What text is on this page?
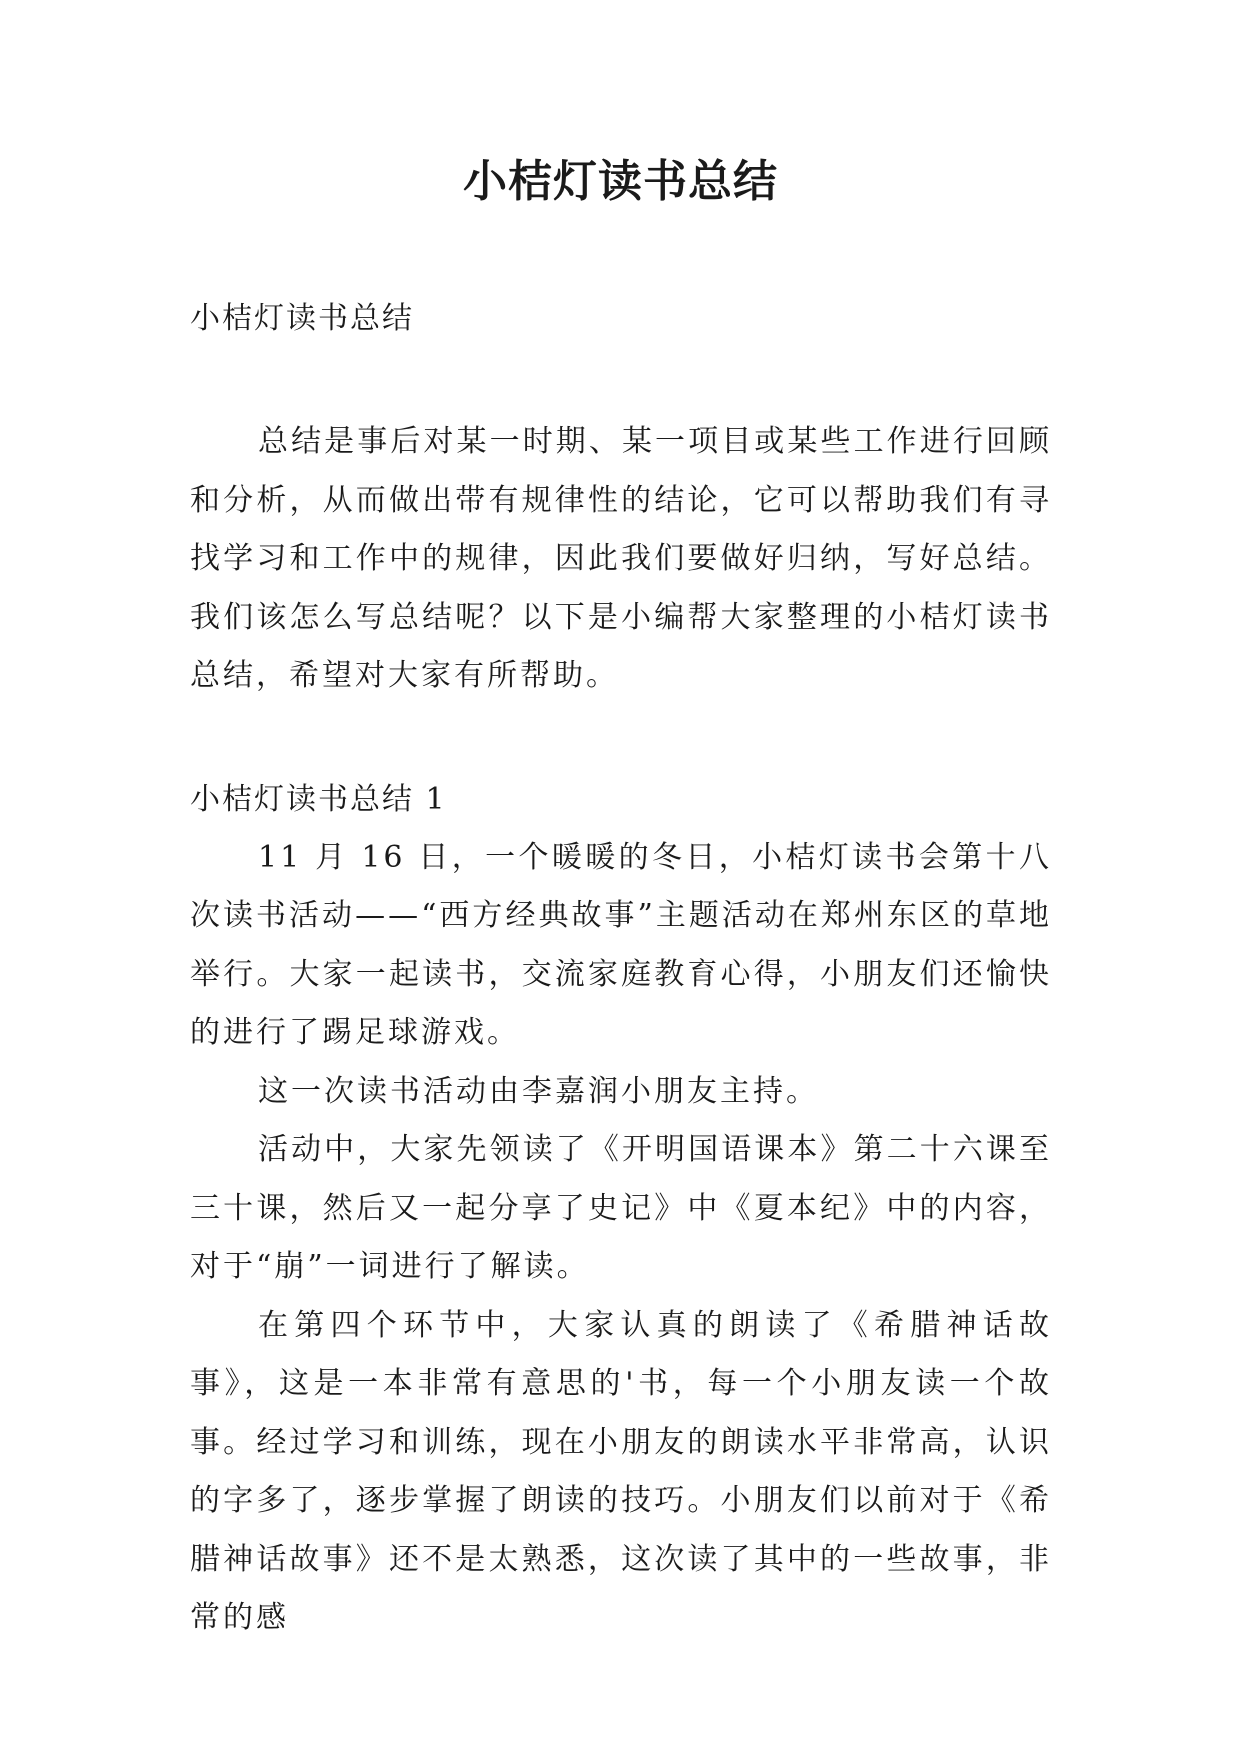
小桔灯读书总结

小桔灯读书总结

总结是事后对某一时期、某一项目或某些工作进行回顾和分析，从而做出带有规律性的结论，它可以帮助我们有寻找学习和工作中的规律，因此我们要做好归纳，写好总结。我们该怎么写总结呢？以下是小编帮大家整理的小桔灯读书总结，希望对大家有所帮助。

小桔灯读书总结 1

11 月 16 日，一个暖暖的冬日，小桔灯读书会第十八次读书活动——“西方经典故事”主题活动在郑州东区的草地举行。大家一起读书，交流家庭教育心得，小朋友们还愉快的进行了踢足球游戏。

这一次读书活动由李嘉润小朋友主持。

活动中，大家先领读了《开明国语课本》第二十六课至三十课，然后又一起分享了史记》中《夏本纪》中的内容，对于“崩”一词进行了解读。

在第四个环节中，大家认真的朗读了《希腊神话故事》，这是一本非常有意思的'书，每一个小朋友读一个故事。经过学习和训练，现在小朋友的朗读水平非常高，认识的字多了，逐步掌握了朗读的技巧。小朋友们以前对于《希腊神话故事》还不是太熟悉，这次读了其中的一些故事，非常的感
